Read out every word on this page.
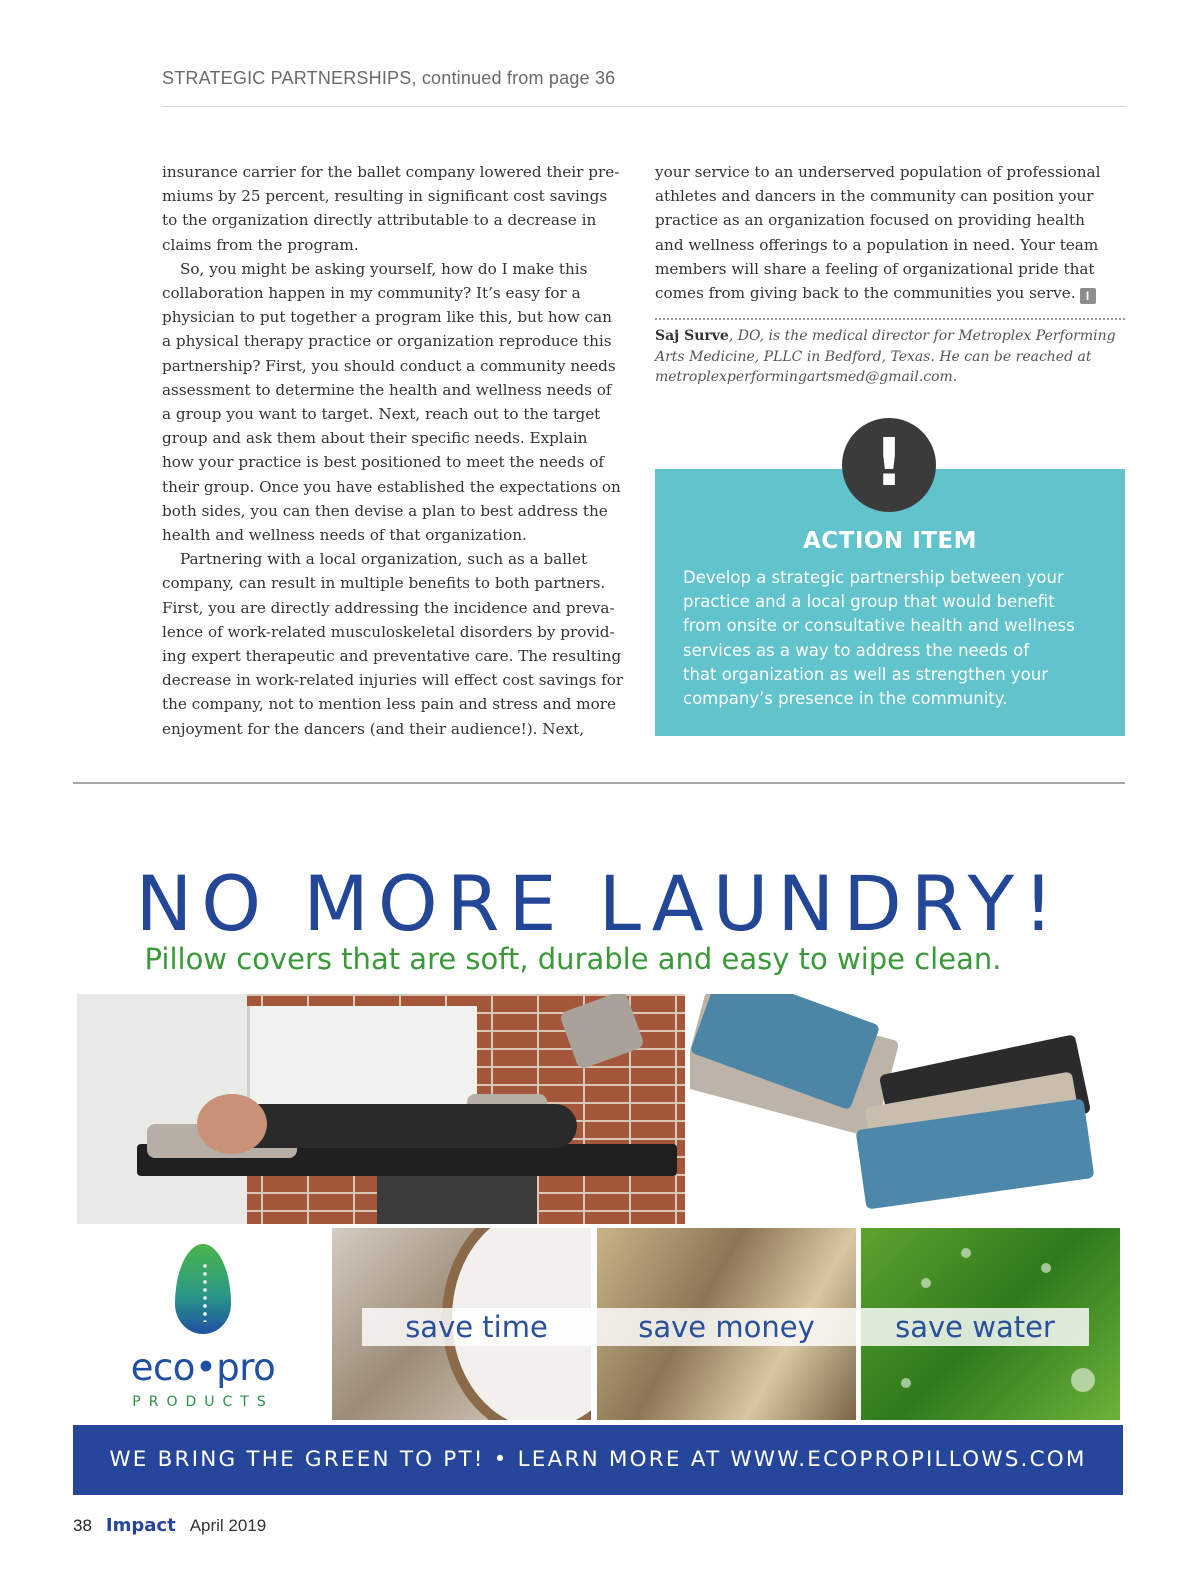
STRATEGIC PARTNERSHIPS, continued from page 36

insurance carrier for the ballet company lowered their pre-

miums by 25 percent, resulting in significant cost savings

to the organization directly attributable to a decrease in

claims from the program.

So, you might be asking yourself, how do I make this

collaboration happen in my community? It’s easy for a

physician to put together a program like this, but how can

a physical therapy practice or organization reproduce this

partnership? First, you should conduct a community needs

assessment to determine the health and wellness needs of

a group you want to target. Next, reach out to the target

group and ask them about their specific needs. Explain

how your practice is best positioned to meet the needs of

their group. Once you have established the expectations on

both sides, you can then devise a plan to best address the

health and wellness needs of that organization.

Partnering with a local organization, such as a ballet

company, can result in multiple benefits to both partners.

First, you are directly addressing the incidence and preva-

lence of work-related musculoskeletal disorders by provid-

ing expert therapeutic and preventative care. The resulting

decrease in work-related injuries will effect cost savings for

the company, not to mention less pain and stress and more

enjoyment for the dancers (and their audience!). Next,

your service to an underserved population of professional

athletes and dancers in the community can position your

practice as an organization focused on providing health

and wellness offerings to a population in need. Your team

members will share a feeling of organizational pride that

comes from giving back to the communities you serve. I

Saj Surve, DO, is the medical director for Metroplex Performing Arts Medicine, PLLC in Bedford, Texas. He can be reached at metroplexperformingartsmed@gmail.com.
!
ACTION ITEM

Develop a strategic partnership between your

practice and a local group that would benefit

from onsite or consultative health and wellness

services as a way to address the needs of

that organization as well as strengthen your

company’s presence in the community.

NO MORE LAUNDRY!
Pillow covers that are soft, durable and easy to wipe clean.
eco•pro
PRODUCTS
save time	save money	save water
WE BRING THE GREEN TO PT! • LEARN MORE AT WWW.ECOPROPILLOWS.COM
38 Impact April 2019
